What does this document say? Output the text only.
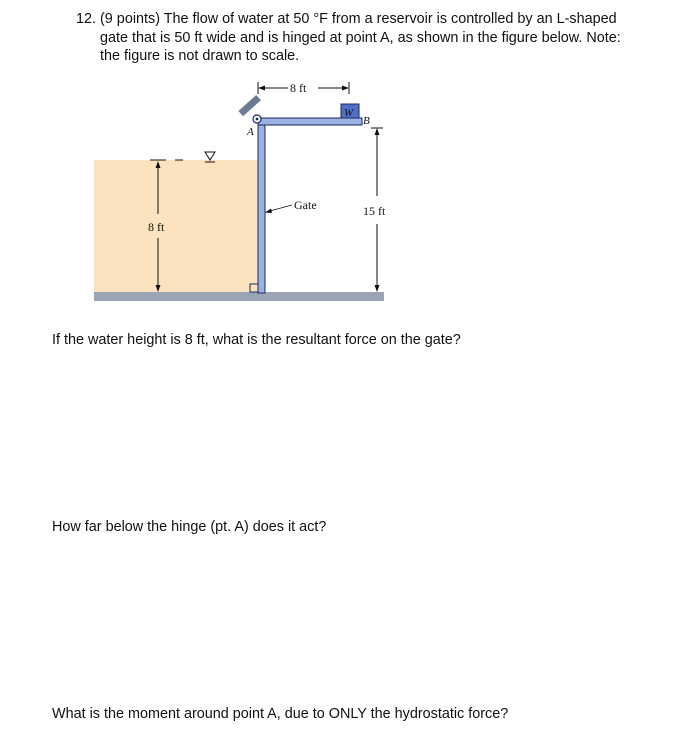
12. (9 points) The flow of water at 50 °F from a reservoir is controlled by an L-shaped
gate that is 50 ft wide and is hinged at point A, as shown in the figure below. Note:
the figure is not drawn to scale.
W
B
A
8 ft
15 ft
Gate
∇
8 ft
If the water height is 8 ft, what is the resultant force on the gate?
How far below the hinge (pt. A) does it act?
What is the moment around point A, due to ONLY the hydrostatic force?
